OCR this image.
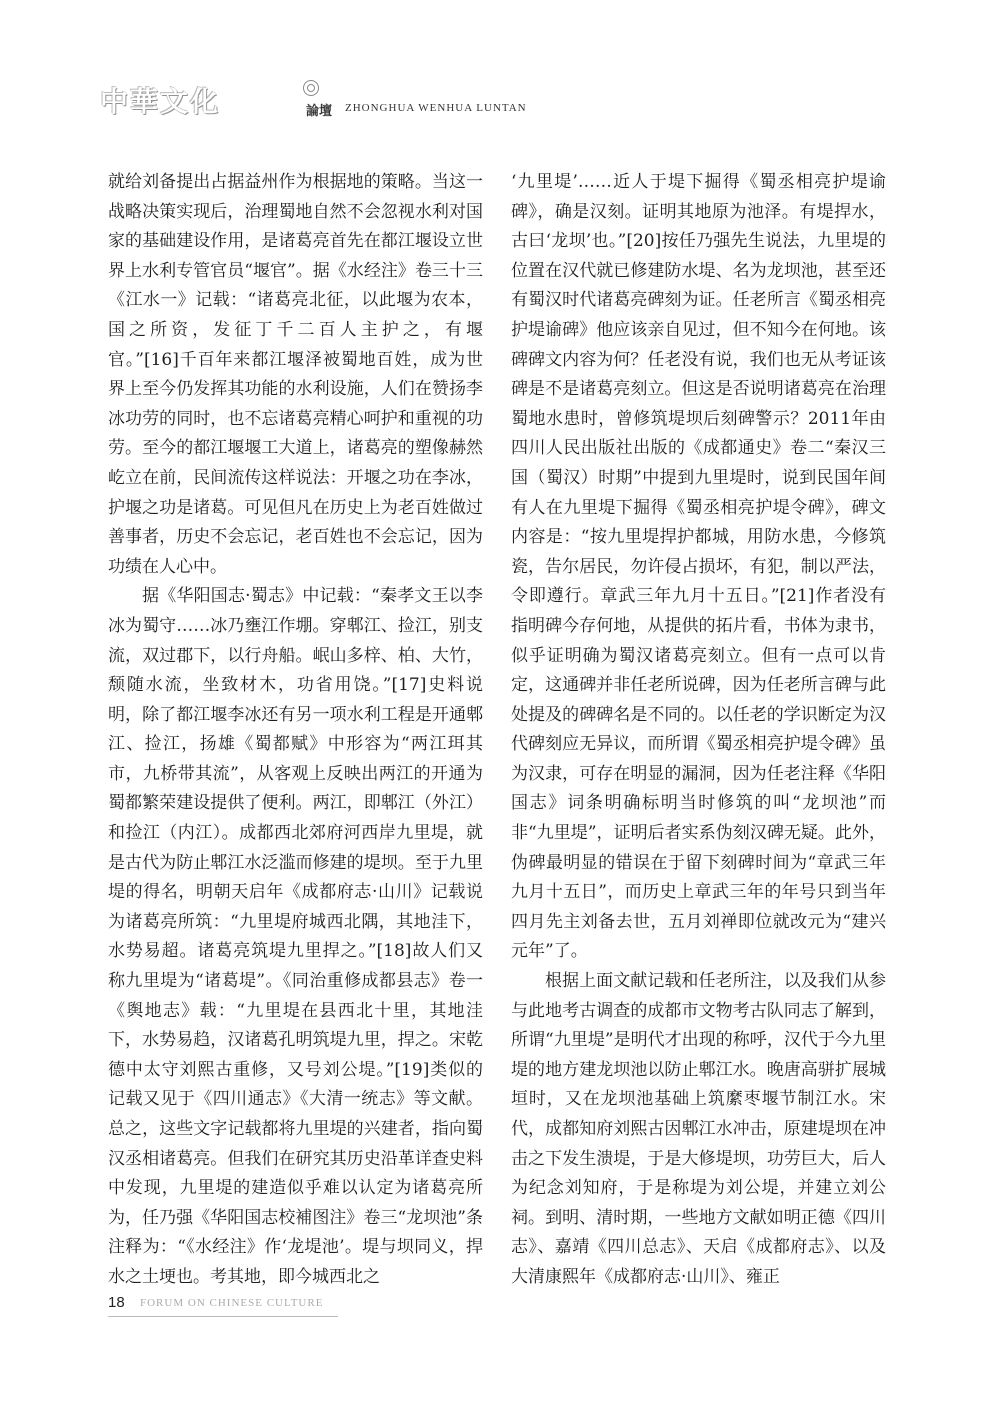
中華文化	論壇 ZHONGHUA WENHUA LUNTAN

就给刘备提出占据益州作为根据地的策略。当这一战略决策实现后，治理蜀地自然不会忽视水利对国家的基础建设作用，是诸葛亮首先在都江堰设立世界上水利专管官员“堰官”。据《水经注》卷三十三《江水一》记载：“诸葛亮北征，以此堰为农本，国之所资，发征丁千二百人主护之，有堰官。”[16]千百年来都江堰泽被蜀地百姓，成为世界上至今仍发挥其功能的水利设施，人们在赞扬李冰功劳的同时，也不忘诸葛亮精心呵护和重视的功劳。至今的都江堰堰工大道上，诸葛亮的塑像赫然屹立在前，民间流传这样说法：开堰之功在李冰，护堰之功是诸葛。可见但凡在历史上为老百姓做过善事者，历史不会忘记，老百姓也不会忘记，因为功绩在人心中。

据《华阳国志·蜀志》中记载：“秦孝文王以李冰为蜀守……冰乃壅江作堋。穿郫江、捡江，别支流，双过郡下，以行舟船。岷山多梓、柏、大竹，颓随水流，坐致材木，功省用饶。”[17]史料说明，除了都江堰李冰还有另一项水利工程是开通郫江、捡江，扬雄《蜀都赋》中形容为“两江珥其市，九桥带其流”，从客观上反映出两江的开通为蜀都繁荣建设提供了便利。两江，即郫江（外江）和捡江（内江）。成都西北郊府河西岸九里堤，就是古代为防止郫江水泛滥而修建的堤坝。至于九里堤的得名，明朝天启年《成都府志·山川》记载说为诸葛亮所筑：“九里堤府城西北隅，其地洼下，水势易超。诸葛亮筑堤九里捍之。”[18]故人们又称九里堤为“诸葛堤”。《同治重修成都县志》卷一《舆地志》载：“九里堤在县西北十里，其地洼下，水势易趋，汉诸葛孔明筑堤九里，捍之。宋乾德中太守刘熙古重修，又号刘公堤。”[19]类似的记载又见于《四川通志》《大清一统志》等文献。总之，这些文字记载都将九里堤的兴建者，指向蜀汉丞相诸葛亮。但我们在研究其历史沿革详查史料中发现，九里堤的建造似乎难以认定为诸葛亮所为，任乃强《华阳国志校補图注》卷三“龙坝池”条注释为：“《水经注》作‘龙堤池’。堤与坝同义，捍水之土埂也。考其地，即今城西北之

‘九里堤’……近人于堤下掘得《蜀丞相亮护堤谕碑》，确是汉刻。证明其地原为池泽。有堤捍水，古曰‘龙坝’也。”[20]按任乃强先生说法，九里堤的位置在汉代就已修建防水堤、名为龙坝池，甚至还有蜀汉时代诸葛亮碑刻为证。任老所言《蜀丞相亮护堤谕碑》他应该亲自见过，但不知今在何地。该碑碑文内容为何？任老没有说，我们也无从考证该碑是不是诸葛亮刻立。但这是否说明诸葛亮在治理蜀地水患时，曾修筑堤坝后刻碑警示？2011年由四川人民出版社出版的《成都通史》卷二“秦汉三国（蜀汉）时期”中提到九里堤时，说到民国年间有人在九里堤下掘得《蜀丞相亮护堤令碑》，碑文内容是：“按九里堤捍护都城，用防水患，今修筑瓷，告尔居民，勿许侵占损坏，有犯，制以严法，令即遵行。章武三年九月十五日。”[21]作者没有指明碑今存何地，从提供的拓片看，书体为隶书，似乎证明确为蜀汉诸葛亮刻立。但有一点可以肯定，这通碑并非任老所说碑，因为任老所言碑与此处提及的碑碑名是不同的。以任老的学识断定为汉代碑刻应无异议，而所谓《蜀丞相亮护堤令碑》虽为汉隶，可存在明显的漏洞，因为任老注释《华阳国志》词条明确标明当时修筑的叫“龙坝池”而非“九里堤”，证明后者实系伪刻汉碑无疑。此外，伪碑最明显的错误在于留下刻碑时间为“章武三年九月十五日”，而历史上章武三年的年号只到当年四月先主刘备去世，五月刘禅即位就改元为“建兴元年”了。

根据上面文献记载和任老所注，以及我们从参与此地考古调查的成都市文物考古队同志了解到，所谓“九里堤”是明代才出现的称呼，汉代于今九里堤的地方建龙坝池以防止郫江水。晚唐高骈扩展城垣时，又在龙坝池基础上筑縻枣堰节制江水。宋代，成都知府刘熙古因郫江水冲击，原建堤坝在冲击之下发生溃堤，于是大修堤坝，功劳巨大，后人为纪念刘知府，于是称堤为刘公堤，并建立刘公祠。到明、清时期，一些地方文献如明正德《四川志》、嘉靖《四川总志》、天启《成都府志》、以及大清康熙年《成都府志·山川》、雍正

18 FORUM ON CHINESE CULTURE
